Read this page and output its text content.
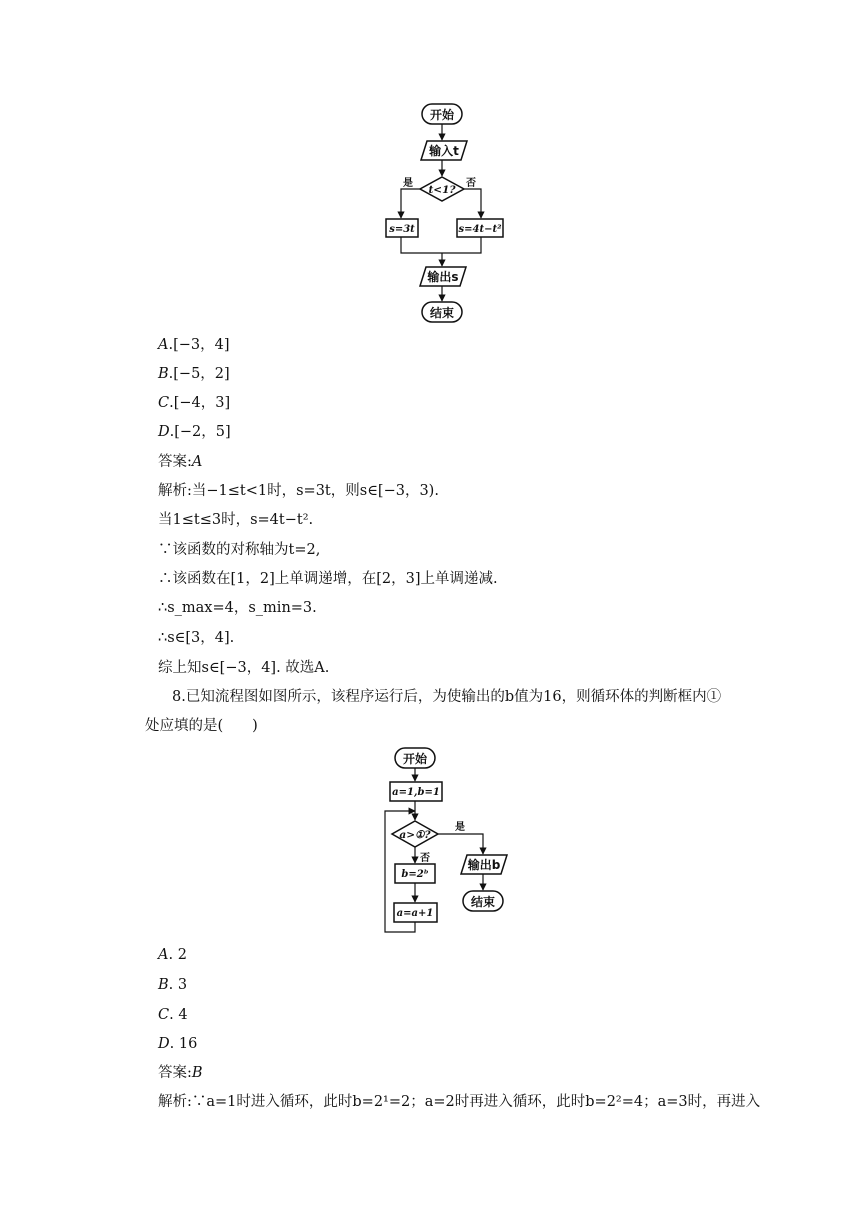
开始
输入t
t<1?
是	否
s=3t	s=4t−t²
输出s
结束
A.[−3，4]
B.[−5，2]
C.[−4，3]
D.[−2，5]
答案:A
解析:当−1≤t<1时，s=3t，则s∈[−3，3).
当1≤t≤3时，s=4t−t².
∵该函数的对称轴为t=2,
∴该函数在[1，2]上单调递增，在[2，3]上单调递减.
∴s_max=4，s_min=3.
∴s∈[3，4].
综上知s∈[−3，4]. 故选A.
8.已知流程图如图所示，该程序运行后，为使输出的b值为16，则循环体的判断框内①
处应填的是(　　)
开始
a=1,b=1
a>①?
是
否
b=2ᵇ
a=a+1
输出b
结束
A. 2
B. 3
C. 4
D. 16
答案:B
解析:∵a=1时进入循环，此时b=2¹=2；a=2时再进入循环，此时b=2²=4；a=3时，再进入
